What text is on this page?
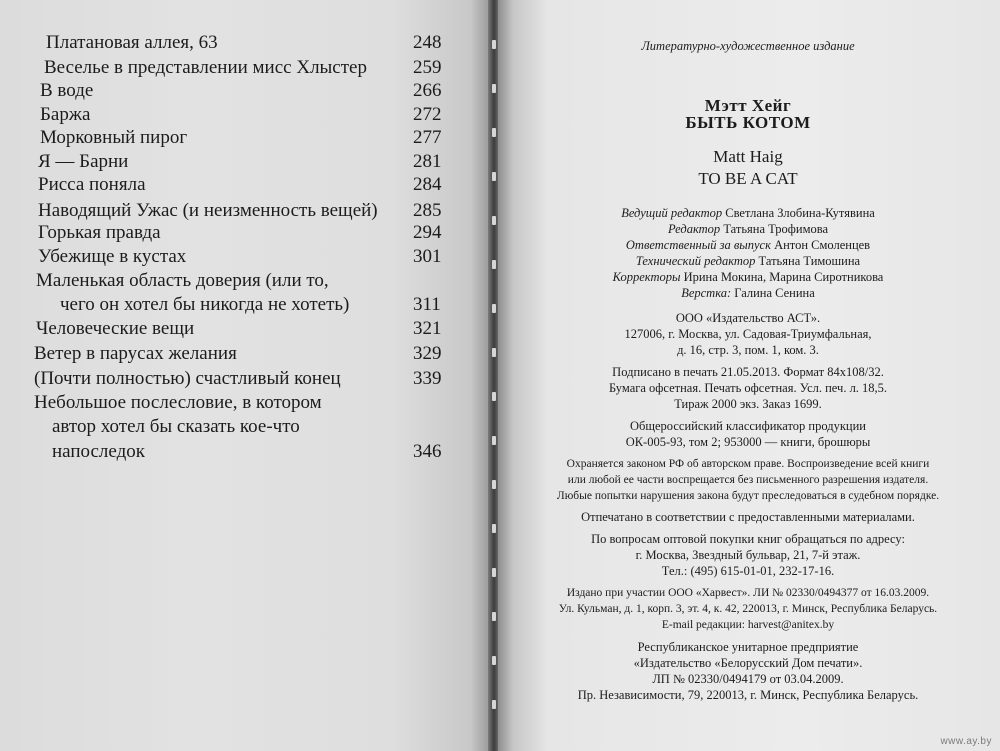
Платановая аллея, 63	248
Веселье в представлении мисс Хлыстер 259
В воде	266
Баржа	272
Морковный пирог	277
Я — Барни	281
Рисса поняла	284
Наводящий Ужас (и неизменность вещей) 285
Горькая правда	294
Убежище в кустах	301
Маленькая область доверия (или то,
чего он хотел бы никогда не хотеть)	311
Человеческие вещи	321
Ветер в парусах желания	329
(Почти полностью) счастливый конец	339
Небольшое послесловие, в котором
автор хотел бы сказать кое-что
напоследок	346
Литературно-художественное издание
Мэтт Хейг
БЫТЬ КОТОМ
Matt Haig
TO BE A CAT
Ведущий редактор Светлана Злобина-Кутявина
Редактор Татьяна Трофимова
Ответственный за выпуск Антон Смоленцев
Технический редактор Татьяна Тимошина
Корректоры Ирина Мокина, Марина Сиротникова
Верстка: Галина Сенина
ООО «Издательство АСТ».
127006, г. Москва, ул. Садовая-Триумфальная,
д. 16, стр. 3, пом. 1, ком. 3.
Подписано в печать 21.05.2013. Формат 84х108/32.
Бумага офсетная. Печать офсетная. Усл. печ. л. 18,5.
Тираж 2000 экз. Заказ 1699.
Общероссийский классификатор продукции
ОК-005-93, том 2; 953000 — книги, брошюры
Охраняется законом РФ об авторском праве. Воспроизведение всей книги
или любой ее части воспрещается без письменного разрешения издателя.
Любые попытки нарушения закона будут преследоваться в судебном порядке.
Отпечатано в соответствии с предоставленными материалами.
По вопросам оптовой покупки книг обращаться по адресу:
г. Москва, Звездный бульвар, 21, 7-й этаж.
Тел.: (495) 615-01-01, 232-17-16.
Издано при участии ООО «Харвест». ЛИ № 02330/0494377 от 16.03.2009.
Ул. Кульман, д. 1, корп. 3, эт. 4, к. 42, 220013, г. Минск, Республика Беларусь.
E-mail редакции: harvest@anitex.by
Республиканское унитарное предприятие
«Издательство «Белорусский Дом печати».
ЛП № 02330/0494179 от 03.04.2009.
Пр. Независимости, 79, 220013, г. Минск, Республика Беларусь.
www.ay.by
